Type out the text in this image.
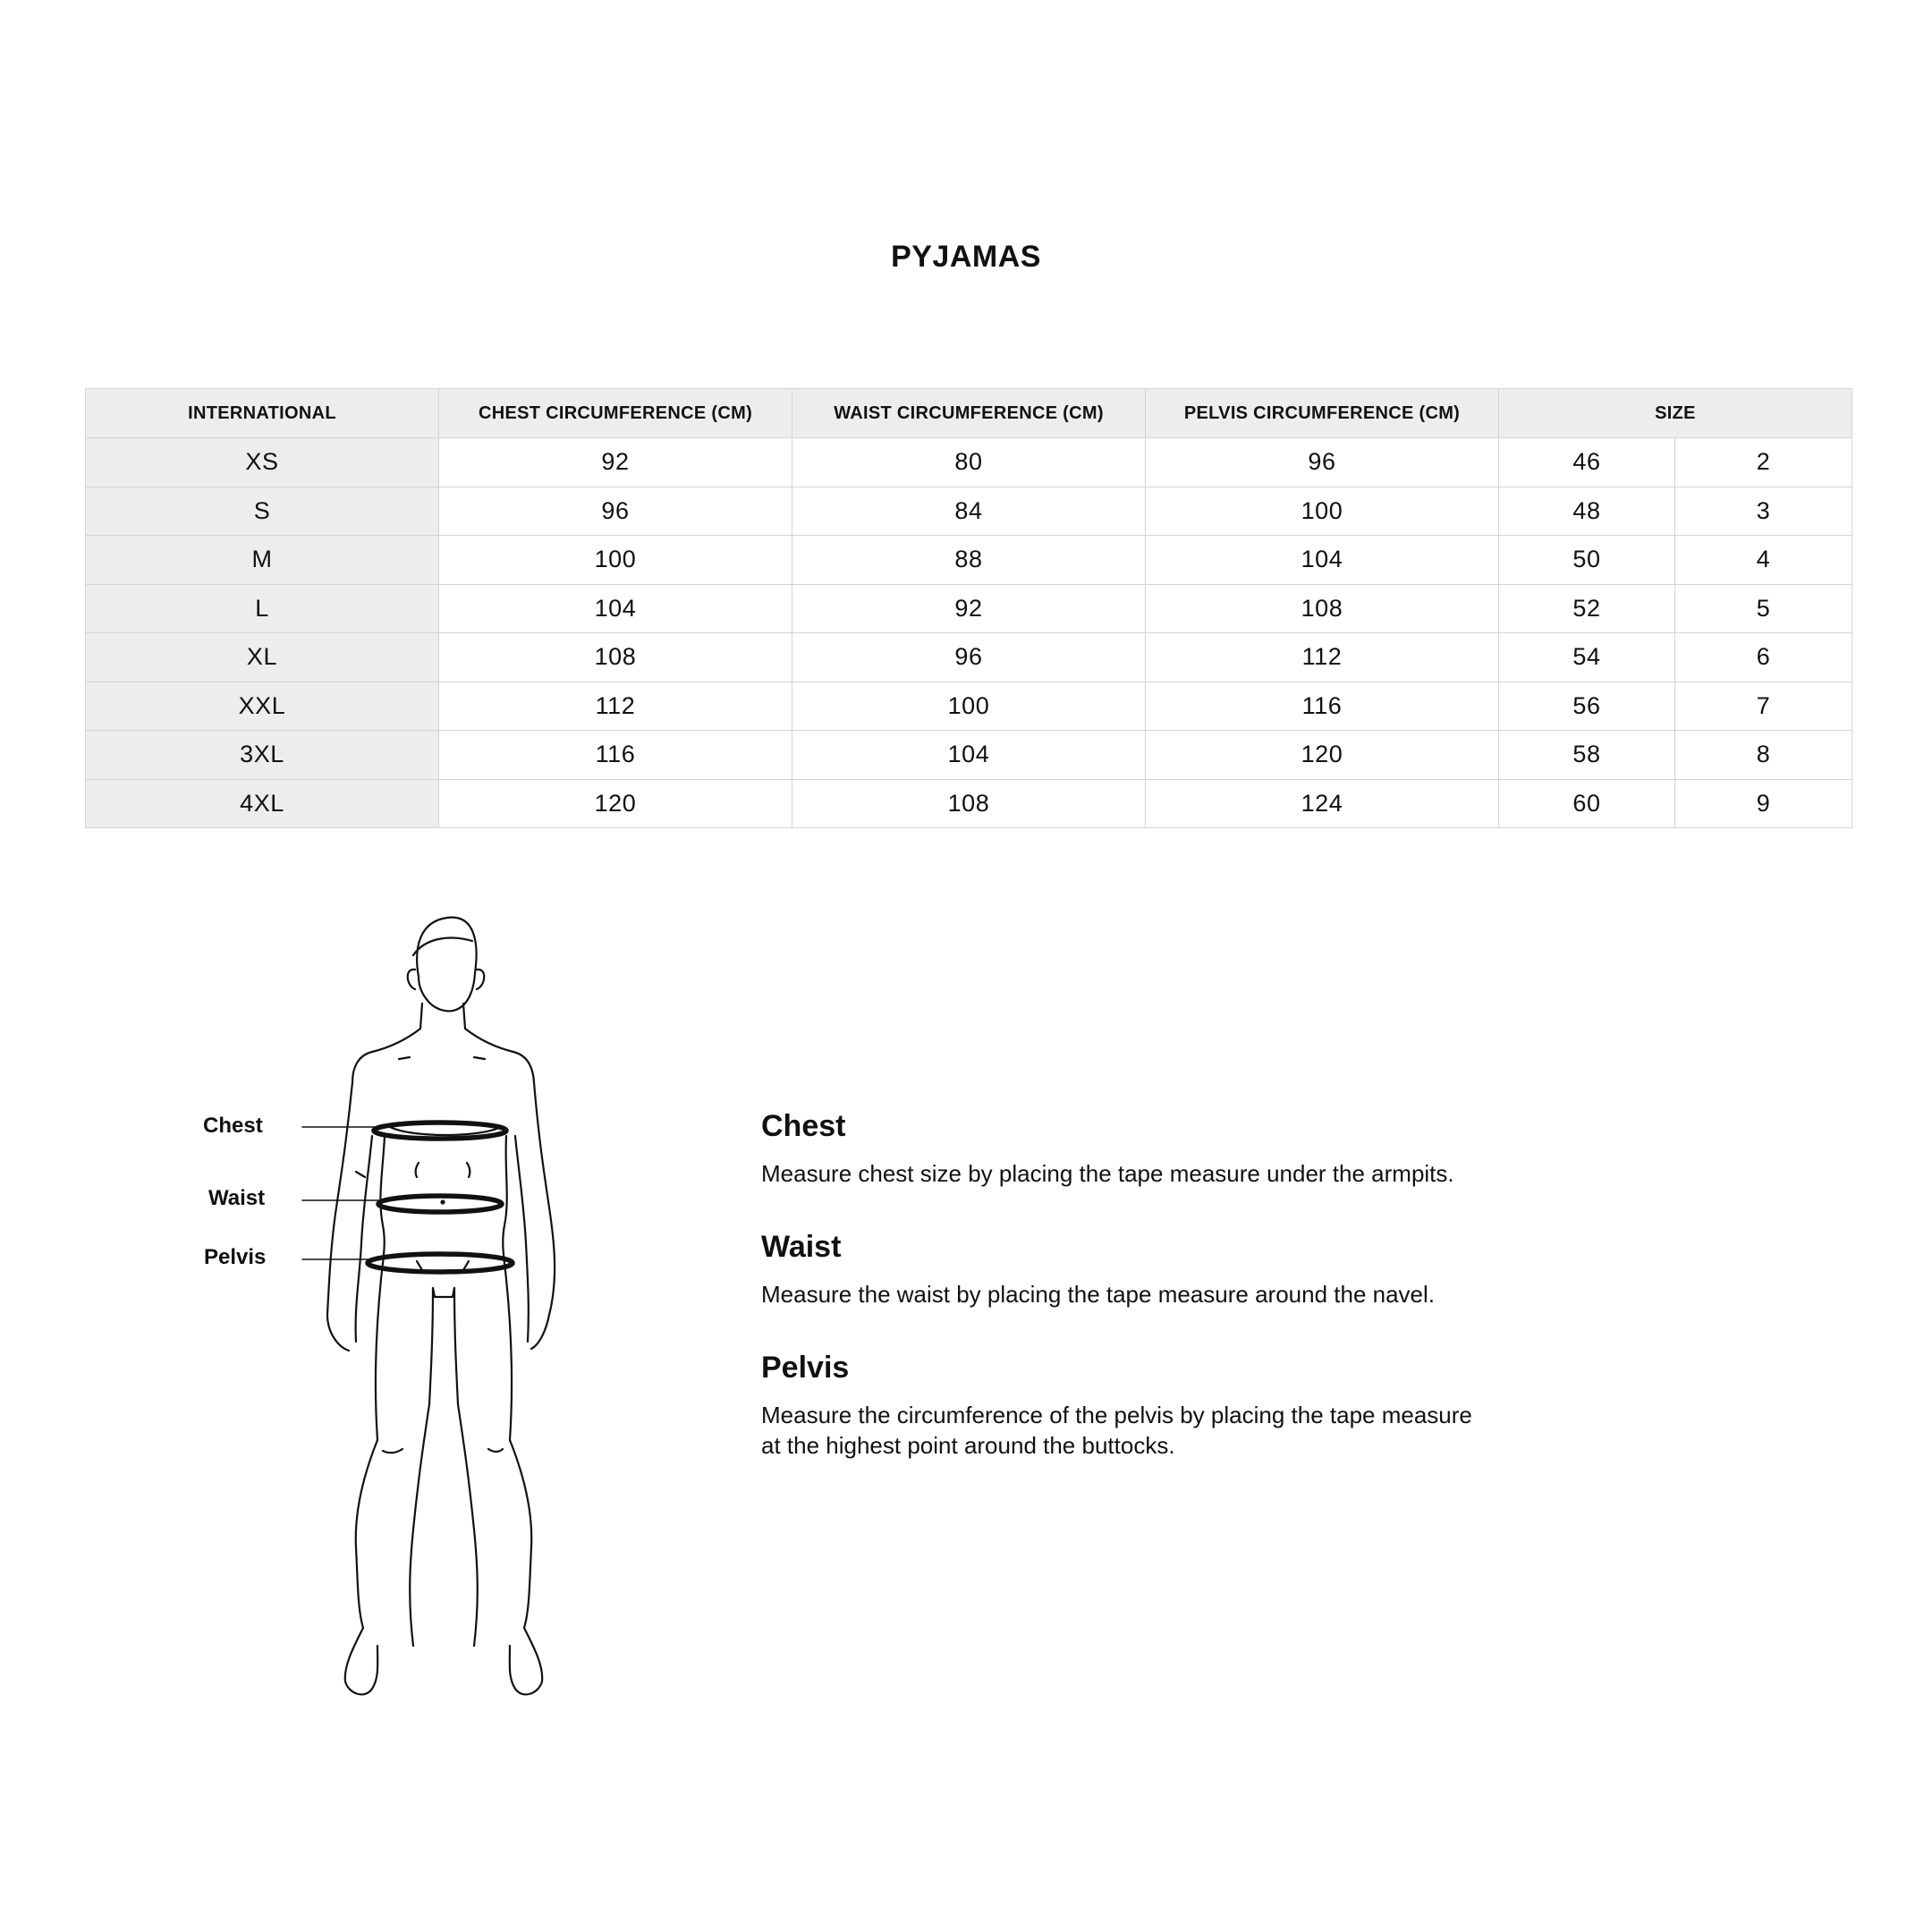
PYJAMAS
INTERNATIONAL	CHEST CIRCUMFERENCE (CM)	WAIST CIRCUMFERENCE (CM)	PELVIS CIRCUMFERENCE (CM)	SIZE	
XS	92	80	96	46	2
S	96	84	100	48	3
M	100	88	104	50	4
L	104	92	108	52	5
XL	108	96	112	54	6
XXL	112	100	116	56	7
3XL	116	104	120	58	8
4XL	120	108	124	60	9
Chest
Waist
Pelvis
Chest

Measure chest size by placing the tape measure under the armpits.

Waist

Measure the waist by placing the tape measure around the navel.

Pelvis

Measure the circumference of the pelvis by placing the tape measure

at the highest point around the buttocks.
